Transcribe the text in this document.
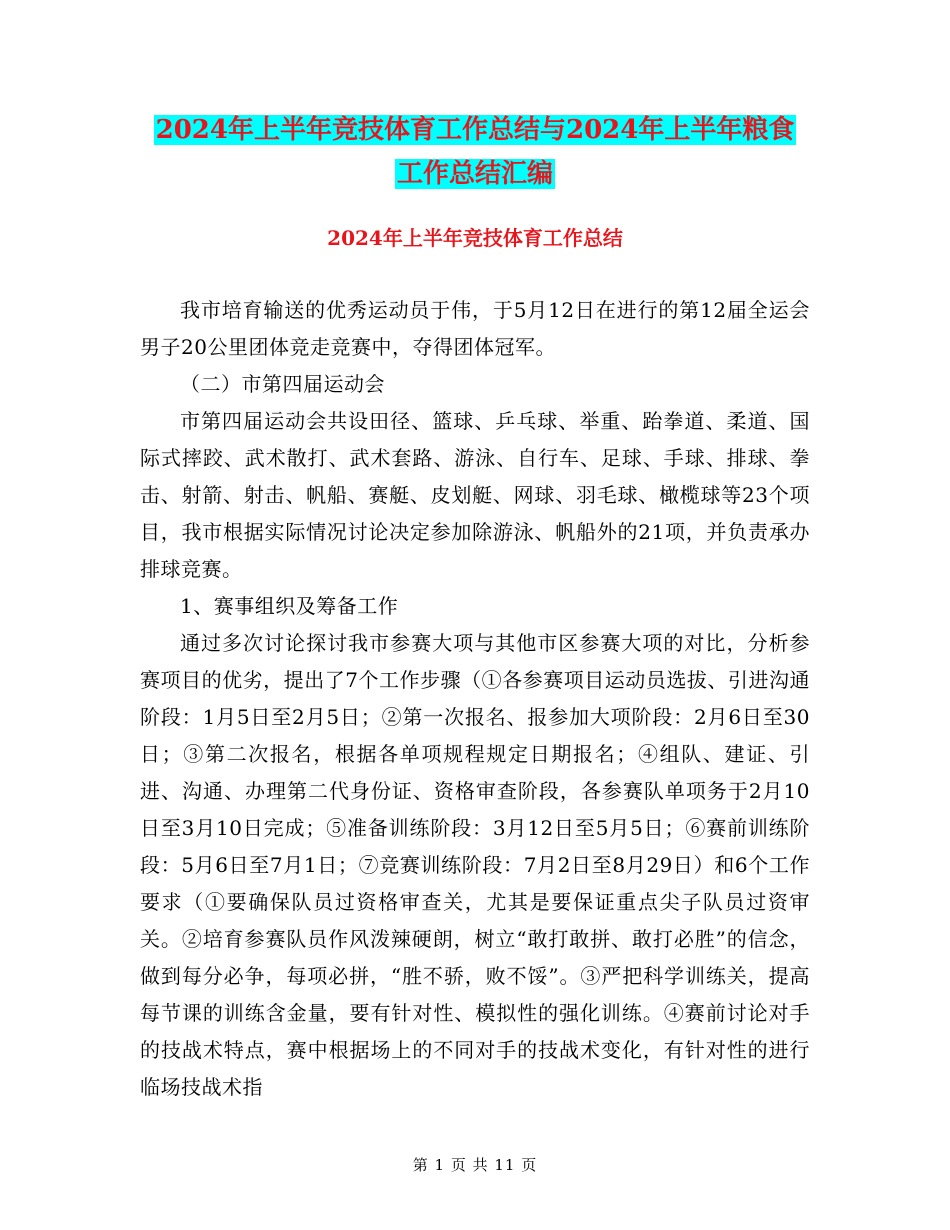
2024年上半年竞技体育工作总结与2024年上半年粮食
工作总结汇编
2024年上半年竞技体育工作总结

我市培育输送的优秀运动员于伟，于5月12日在进行的第12届全运会男子20公里团体竞走竞赛中，夺得团体冠军。

（二）市第四届运动会

市第四届运动会共设田径、篮球、乒乓球、举重、跆拳道、柔道、国际式摔跤、武术散打、武术套路、游泳、自行车、足球、手球、排球、拳击、射箭、射击、帆船、赛艇、皮划艇、网球、羽毛球、橄榄球等23个项目，我市根据实际情况讨论决定参加除游泳、帆船外的21项，并负责承办排球竞赛。

1、赛事组织及筹备工作

通过多次讨论探讨我市参赛大项与其他市区参赛大项的对比，分析参赛项目的优劣，提出了7个工作步骤（①各参赛项目运动员选拔、引进沟通阶段：1月5日至2月5日；②第一次报名、报参加大项阶段：2月6日至30日；③第二次报名，根据各单项规程规定日期报名；④组队、建证、引进、沟通、办理第二代身份证、资格审查阶段，各参赛队单项务于2月10日至3月10日完成；⑤准备训练阶段：3月12日至5月5日；⑥赛前训练阶段：5月6日至7月1日；⑦竞赛训练阶段：7月2日至8月29日）和6个工作要求（①要确保队员过资格审查关，尤其是要保证重点尖子队员过资审关。②培育参赛队员作风泼辣硬朗，树立“敢打敢拼、敢打必胜”的信念，做到每分必争，每项必拼，“胜不骄，败不馁”。③严把科学训练关，提高每节课的训练含金量，要有针对性、模拟性的强化训练。④赛前讨论对手的技战术特点，赛中根据场上的不同对手的技战术变化，有针对性的进行临场技战术指

第 1 页 共 11 页
